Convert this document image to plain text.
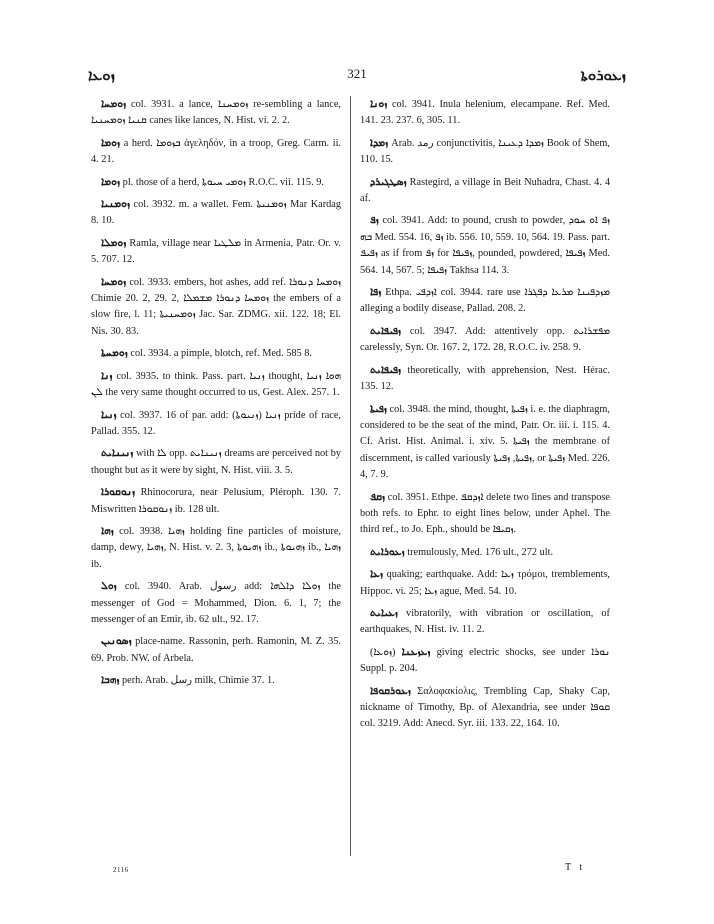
ܙܘܥܐ	321	ܙܥܘܪܘܬܐ

ܙܘܡܚܐ col. 3931. a lance, ܙܘܡܚܢܐ re-sembling a lance, ܩܢܝܐ ܙܘܡܚܢܝܐ canes like lances, N. Hist. vi. 2. 2.

ܙܘܡܐ a herd. ܒܙܘܡܐ ἀγεληδόν, in a troop, Greg. Carm. ii. 4. 21.

ܙܘܡܐ pl. those of a herd, ܙܘܡܝ ܚܝܘܬܐ R.O.C. vii. 115. 9.

ܙܘܡܢܝܐ col. 3932. m. a wallet. Fem. ܙܘܡܢܝܬܐ Mar Kardag 8. 10.

ܙܘܡܠܐ Ramla, village near ܡܠܛܝܐ in Armenia, Patr. Or. v. 5. 707. 12.

ܙܘܡܚܐ col. 3933. embers, hot ashes, add ref. ܙܘܡܚܐ ܕܢܘܪܐ Chimie 20. 2, 29. 2, ܙܘܡܚܐ ܕܢܘܪܐ ܡܫܡܠܐ the embers of a slow fire, l. 11; ܙܘܡܚܢܝܬܐ Jac. Sar. ZDMG. xii. 122. 18; El. Nis. 30. 83.

ܙܘܡܚܬܐ col. 3934. a pimple, blotch, ref. Med. 585 8.

ܙܢܐ col. 3935. to think. Pass. part. ܙܢܝܐ thought, ܗܘܐ ܙܢܝܐ ܠܢ the very same thought occurred to us, Gest. Alex. 257. 1.

ܙܢܝܐ col. 3937. 16 of par. add: ܙܢܝܐ (ܙܢܝܘܬܐ) pride of race, Pallad. 355. 12.

ܙܢܝܢܐܝܬ with ܠܐ opp. ܙܢܝܢܐܝܬ dreams are perceived not by thought but as it were by sight, N. Hist. viii. 3. 5.

ܙܢܘܩܘܪܐ Rhinocorura, near Pelusium, Pléroph. 130. 7. Miswritten ܙܢܘܩܘܪܐ ib. 128 ult.

ܙܗܐ col. 3938. ܙܗܝܐ holding fine particles of moisture, damp, dewy, ܙܗܝܐ, N. Hist. v. 2. 3, ܙܗܝܘܬܐ ib., ܙܗܝܘܬܐ ib., ܙܗܝܐ ib.

ܙܘܠ col. 3940. Arab. رسول add: ܙܘܠܐ ܕܐܠܗܐ the messenger of God = Mohammed, Dion. 6. 1, 7; the messenger of an Emir, ib. 62 ult., 92. 17.

ܙܣܘܢܝܢ place-name. Rassonin, perh. Ramonin, M. Z. 35. 69. Prob. NW. of Arbela.

ܙܗܒܐ perh. Arab. رسل milk, Chimie 37. 1.

ܙܘܢܐ col. 3941. Inula helenium, elecampane. Ref. Med. 141. 23. 237. 6, 305. 11.

ܙܡܕܐ Arab. رمد conjunctivitis, ܙܡܕܐ ܕܥܝܢܐ Book of Shem, 110. 15.

ܙܣܛܓܝܪܕ Rastegird, a village in Beit Nuhadra, Chast. 4. 4 af.

ܙܦ col. 3941. Add: to pound, crush to powder, ܙܦ ܐܘ ܚܘܕ ܒܗ Med. 554. 16, ܙܦ ib. 556. 10, 559. 10, 564. 19. Pass. part. ܙܦܝܦ as if from ܙܦ for ܙܦܝܦܐ, pounded, powdered, ܙܦܝܦܐ Med. 564. 14, 567. 5; ܙܦܝܦܐ Takhsa 114. 3.

ܙܦܐ Ethpa. ܐܙܕܦܝ col. 3944. rare use ܡܙܕܦܝܢܐ ܡܪܥܐ ܕܦܓܪܐ alleging a bodily disease, Pallad. 208. 2.

ܙܦܝܦܐܝܬ col. 3947. Add: attentively opp. ܡܦܫܪܐܝܬ carelessly, Syn. Or. 167. 2, 172. 28, R.O.C. iv. 258. 9.

ܙܦܝܦܐܝܬ theoretically, with apprehension, Nest. Héraс. 135. 12.

ܙܦܝܬܐ col. 3948. the mind, thought, ܙܦܝܬܐ i. e. the diaphragm, considered to be the seat of the mind, Patr. Or. iii. i. 115. 4. Cf. Arist. Hist. Animal. i. xiv. 5. ܙܦܝܬܐ the membrane of discernment, is called variously ܙܦܝܬܐ, ܙܦܝܬܐ, or ܙܦܝܬܐ Med. 226. 4, 7. 9.

ܙܩܦ col. 3951. Ethpe. ܐܙܕܩܦ delete two lines and transpose both refs. to Ephr. to eight lines below, under Aphel. The third ref., to Jo. Eph., should be ܙܩܝܦܐ.

ܙܥܘܪܐܝܬ tremulously, Med. 176 ult., 272 ult.

ܙܥܐ quaking; earthquake. Add: ܙܥܐ τρόμοι, tremblements, Hippoc. vi. 25; ܙܥܐ ague, Med. 54. 10.

ܙܥܝܐܝܬ vibratorily, with vibration or oscillation, of earthquakes, N. Hist. iv. 11. 2.

ܙܥܙܥܢܐ (ܙܘܥܐ) giving electric shocks, see under ܢܘܪܐ Suppl. p. 204.

ܙܥܘܪܩܘܦܐ Σαλοφακίολις, Trembling Cap, Shaky Cap, nickname of Timothy, Bp. of Alexandria, see under ܩܘܦܐ col. 3219. Add: Anecd. Syr. iii. 133. 22, 164. 10.

2116	T t
